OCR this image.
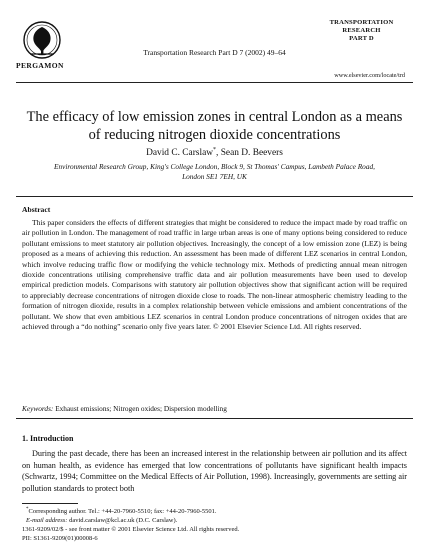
PERGAMON
Transportation Research Part D 7 (2002) 49–64
TRANSPORTATION
RESEARCH
PART D
www.elsevier.com/locate/trd
The efficacy of low emission zones in central London as a means of reducing nitrogen dioxide concentrations
David C. Carslaw*, Sean D. Beevers
Environmental Research Group, King's College London, Block 9, St Thomas' Campus, Lambeth Palace Road,
London SE1 7EH, UK
Abstract
This paper considers the effects of different strategies that might be considered to reduce the impact made by road traffic on air pollution in London. The management of road traffic in large urban areas is one of many options being considered to reduce pollutant emissions to meet statutory air pollution objectives. Increasingly, the concept of a low emission zone (LEZ) is being proposed as a means of achieving this reduction. An assessment has been made of different LEZ scenarios in central London, which involve reducing traffic flow or modifying the vehicle technology mix. Methods of predicting annual mean nitrogen dioxide concentrations utilising comprehensive traffic data and air pollution measurements have been used to develop empirical prediction models. Comparisons with statutory air pollution objectives show that significant action will be required to appreciably decrease concentrations of nitrogen dioxide close to roads. The non-linear atmospheric chemistry leading to the formation of nitrogen dioxide, results in a complex relationship between vehicle emissions and ambient concentrations of the pollutant. We show that even ambitious LEZ scenarios in central London produce concentrations of nitrogen oxides that are achieved through a “do nothing” scenario only five years later. © 2001 Elsevier Science Ltd. All rights reserved.
Keywords: Exhaust emissions; Nitrogen oxides; Dispersion modelling
1. Introduction
During the past decade, there has been an increased interest in the relationship between air pollution and its affect on human health, as evidence has emerged that low concentrations of pollutants have significant health impacts (Schwartz, 1994; Committee on the Medical Effects of Air Pollution, 1998). Increasingly, governments are setting air pollution standards to protect both
*Corresponding author. Tel.: +44-20-7960-5510; fax: +44-20-7960-5501.
E-mail address: david.carslaw@kcl.ac.uk (D.C. Carslaw).
1361-9209/02/$ - see front matter © 2001 Elsevier Science Ltd. All rights reserved.
PII: S1361-9209(01)00008-6
